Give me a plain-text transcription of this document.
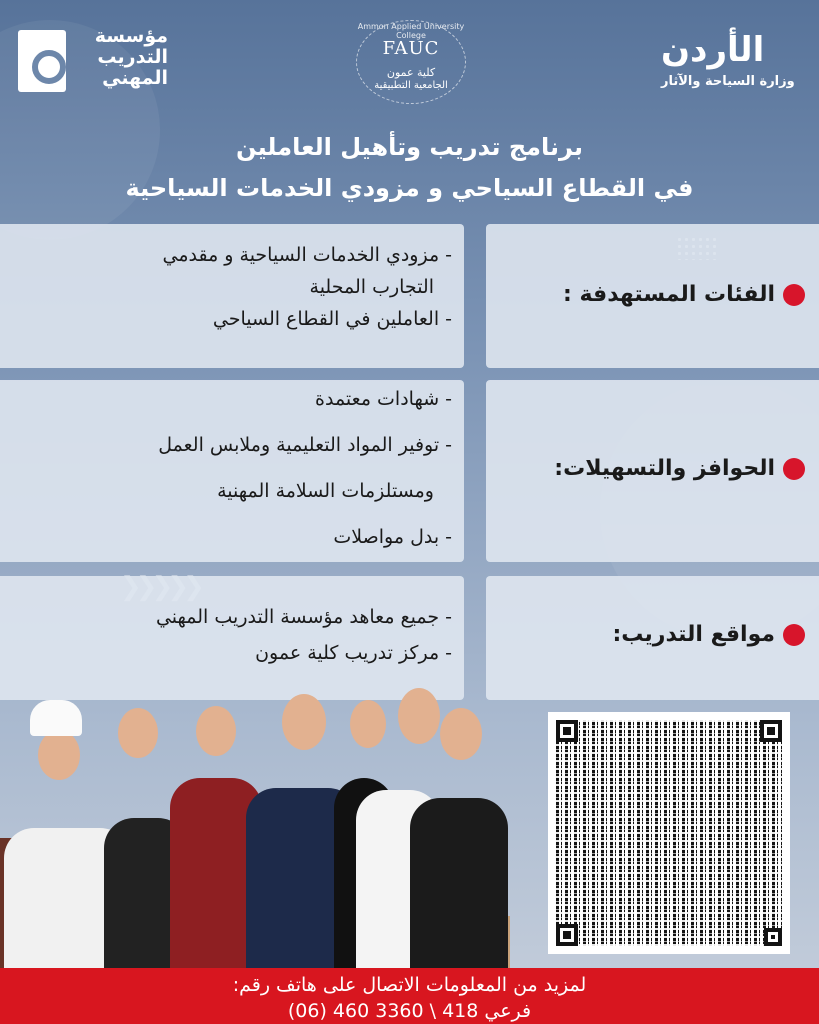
مؤسسة التدريب المهني
Ammon Applied University College
FAUC
كلية عمون
الجامعية التطبيقية
الأردن
وزارة السياحة والآثار
برنامج تدريب وتأهيل العاملين
في القطاع السياحي و مزودي الخدمات السياحية
-مزودي الخدمات السياحية و مقدمي
التجارب المحلية
-العاملين في القطاع السياحي
الفئات المستهدفة :
-شهادات معتمدة
-توفير المواد التعليمية وملابس العمل
ومستلزمات السلامة المهنية
-بدل مواصلات
الحوافز والتسهيلات:
-جميع معاهد مؤسسة التدريب المهني
-مركز تدريب كلية عمون
مواقع التدريب:
لمزيد من المعلومات الاتصال على هاتف رقم:
فرعي 418 \ 3360 460 (06)
